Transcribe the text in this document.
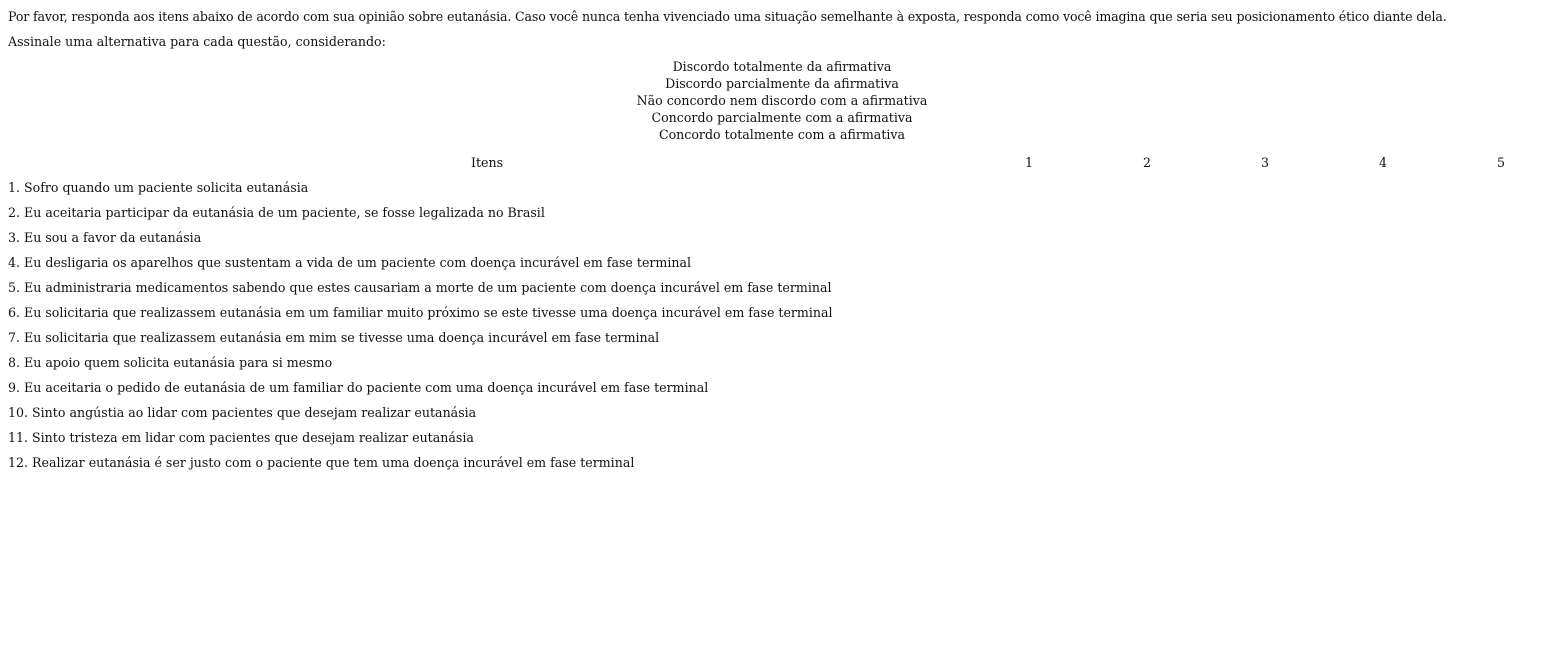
Por favor, responda aos itens abaixo de acordo com sua opinião sobre eutanásia. Caso você nunca tenha vivenciado uma situação semelhante à exposta, responda como você imagina que seria seu posicionamento ético diante dela.
Assinale uma alternativa para cada questão, considerando:
Discordo totalmente da afirmativa
Discordo parcialmente da afirmativa
Não concordo nem discordo com a afirmativa
Concordo parcialmente com a afirmativa
Concordo totalmente com a afirmativa
Itens	1	2	3	4	5
1. Sofro quando um paciente solicita eutanásia					
2. Eu aceitaria participar da eutanásia de um paciente, se fosse legalizada no Brasil					
3. Eu sou a favor da eutanásia					
4. Eu desligaria os aparelhos que sustentam a vida de um paciente com doença incurável em fase terminal					
5. Eu administraria medicamentos sabendo que estes causariam a morte de um paciente com doença incurável em fase terminal					
6. Eu solicitaria que realizassem eutanásia em um familiar muito próximo se este tivesse uma doença incurável em fase terminal					
7. Eu solicitaria que realizassem eutanásia em mim se tivesse uma doença incurável em fase terminal					
8. Eu apoio quem solicita eutanásia para si mesmo					
9. Eu aceitaria o pedido de eutanásia de um familiar do paciente com uma doença incurável em fase terminal					
10. Sinto angústia ao lidar com pacientes que desejam realizar eutanásia					
11. Sinto tristeza em lidar com pacientes que desejam realizar eutanásia					
12. Realizar eutanásia é ser justo com o paciente que tem uma doença incurável em fase terminal					
